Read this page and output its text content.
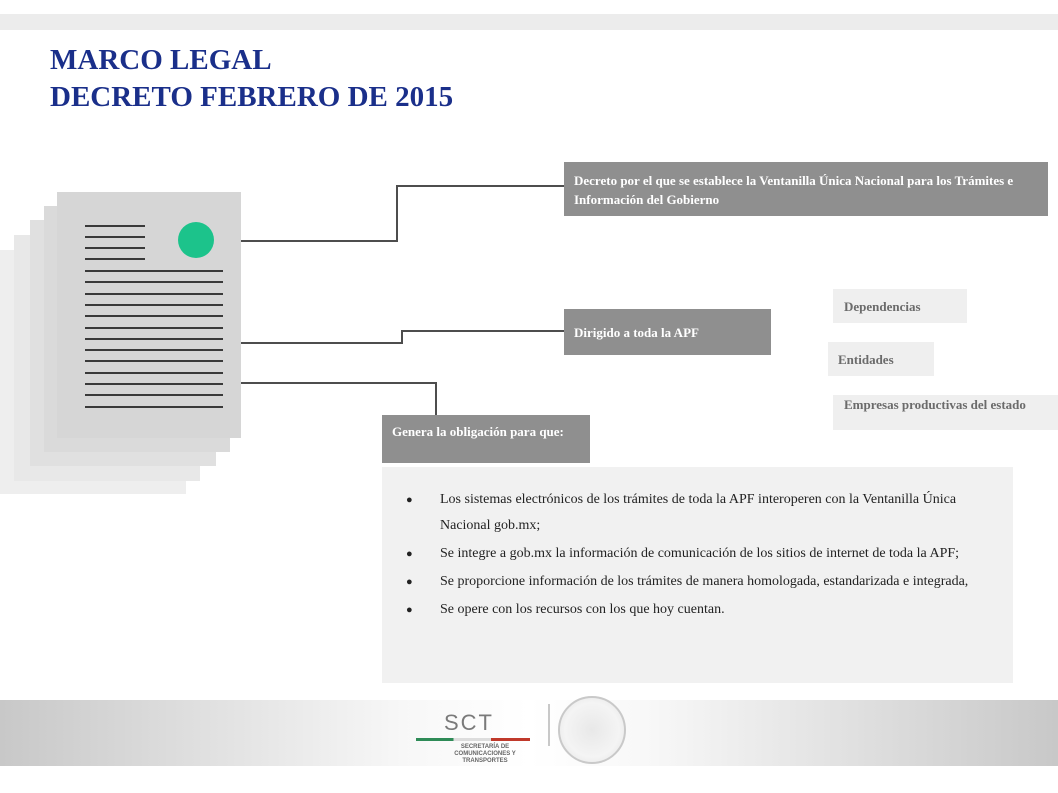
MARCO LEGAL
DECRETO FEBRERO DE 2015
Decreto por el que se establece la Ventanilla Única Nacional para los Trámites e Información del Gobierno
Dirigido a toda la APF
Genera la obligación para que:
Dependencias
Entidades
Empresas productivas del estado
● Los sistemas electrónicos de los trámites de toda la APF interoperen con la Ventanilla Única Nacional gob.mx;
● Se integre a gob.mx la información de comunicación de los sitios de internet de toda la APF;
● Se proporcione información de los trámites de manera homologada, estandarizada e integrada,
● Se opere con los recursos con los que hoy cuentan.
SCT
SECRETARÍA DE COMUNICACIONES Y TRANSPORTES
